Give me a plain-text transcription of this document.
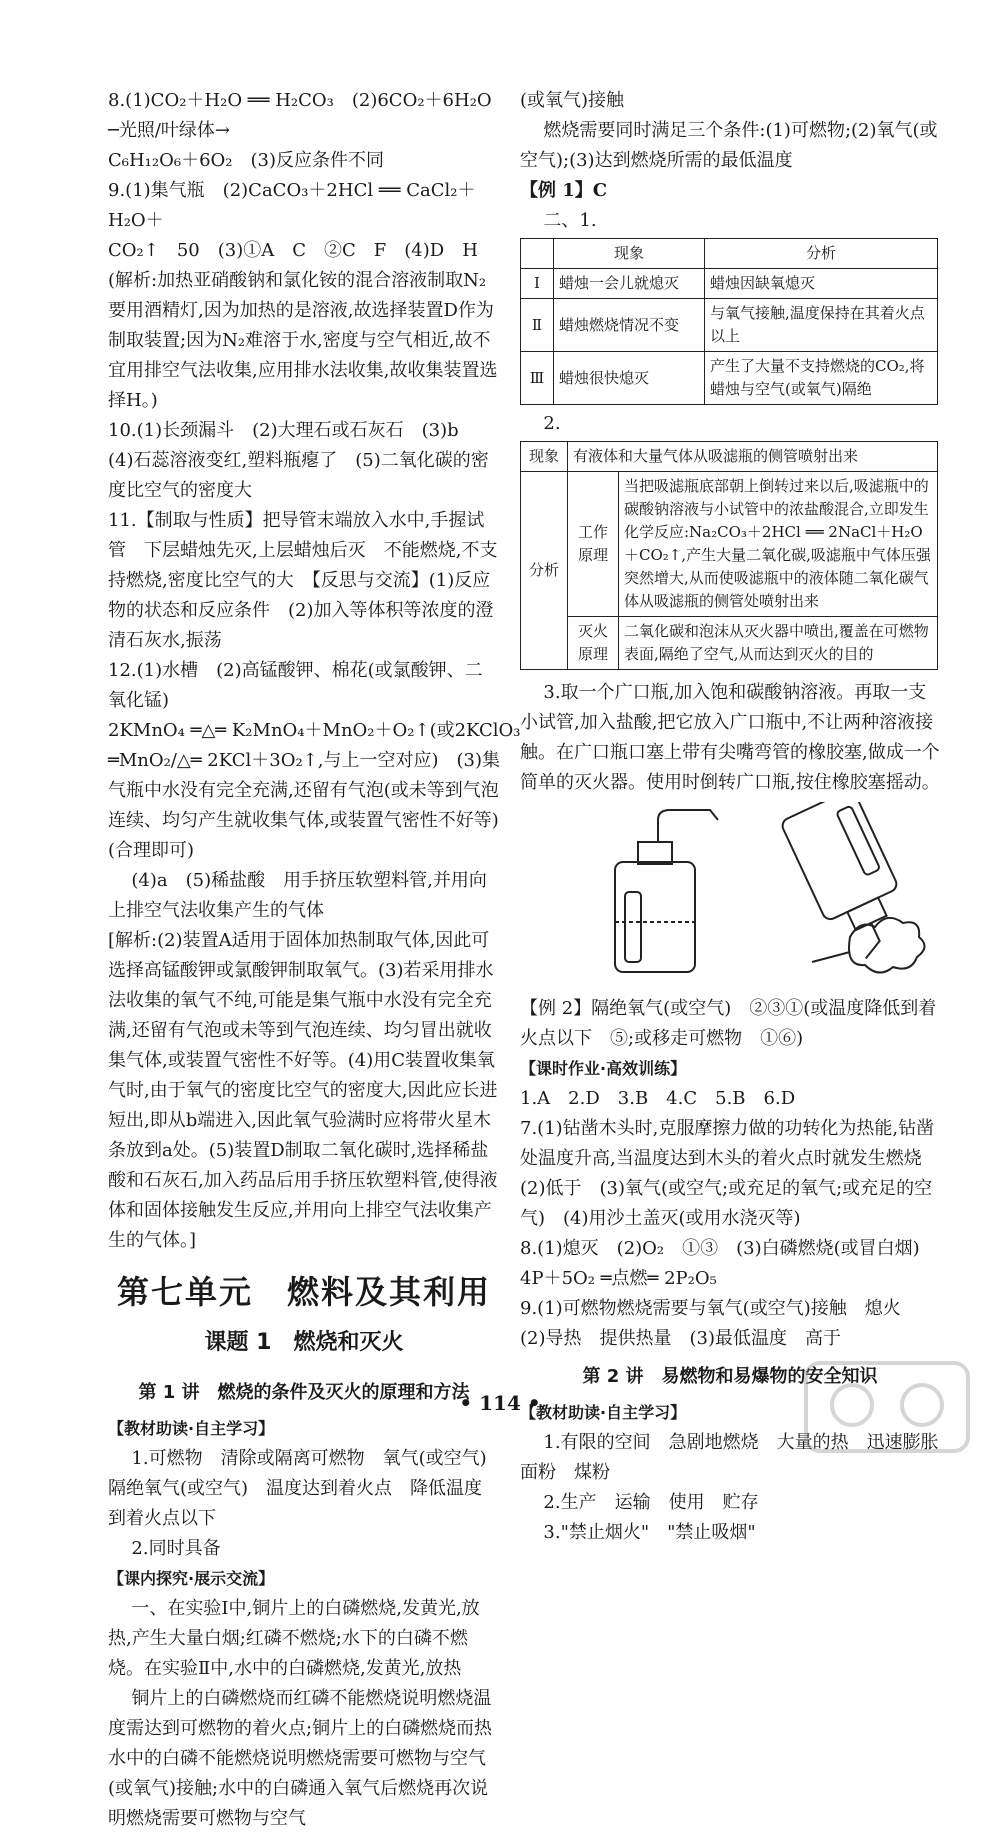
8.(1)CO₂＋H₂O ══ H₂CO₃　(2)6CO₂＋6H₂O ─光照/叶绿体→

C₆H₁₂O₆＋6O₂　(3)反应条件不同

9.(1)集气瓶　(2)CaCO₃＋2HCl ══ CaCl₂＋H₂O＋

CO₂↑　50　(3)①A　C　②C　F　(4)D　H

(解析:加热亚硝酸钠和氯化铵的混合溶液制取N₂要用酒精灯,因为加热的是溶液,故选择装置D作为制取装置;因为N₂难溶于水,密度与空气相近,故不宜用排空气法收集,应用排水法收集,故收集装置选择H。)

10.(1)长颈漏斗　(2)大理石或石灰石　(3)b　(4)石蕊溶液变红,塑料瓶瘪了　(5)二氧化碳的密度比空气的密度大

11.【制取与性质】把导管末端放入水中,手握试管　下层蜡烛先灭,上层蜡烛后灭　不能燃烧,不支持燃烧,密度比空气的大　【反思与交流】(1)反应物的状态和反应条件　(2)加入等体积等浓度的澄清石灰水,振荡

12.(1)水槽　(2)高锰酸钾、棉花(或氯酸钾、二氧化锰)

2KMnO₄ ═△═ K₂MnO₄＋MnO₂＋O₂↑(或2KClO₃

═MnO₂/△═ 2KCl＋3O₂↑,与上一空对应)　(3)集气瓶中水没有完全充满,还留有气泡(或未等到气泡连续、均匀产生就收集气体,或装置气密性不好等)(合理即可)

(4)a　(5)稀盐酸　用手挤压软塑料管,并用向上排空气法收集产生的气体

[解析:(2)装置A适用于固体加热制取气体,因此可选择高锰酸钾或氯酸钾制取氧气。(3)若采用排水法收集的氧气不纯,可能是集气瓶中水没有完全充满,还留有气泡或未等到气泡连续、均匀冒出就收集气体,或装置气密性不好等。(4)用C装置收集氧气时,由于氧气的密度比空气的密度大,因此应长进短出,即从b端进入,因此氧气验满时应将带火星木条放到a处。(5)装置D制取二氧化碳时,选择稀盐酸和石灰石,加入药品后用手挤压软塑料管,使得液体和固体接触发生反应,并用向上排空气法收集产生的气体。]

第七单元　燃料及其利用
课题 1　燃烧和灭火
第 1 讲　燃烧的条件及灭火的原理和方法

【教材助读·自主学习】

1.可燃物　清除或隔离可燃物　氧气(或空气)　隔绝氧气(或空气)　温度达到着火点　降低温度到着火点以下

2.同时具备

【课内探究·展示交流】

一、在实验Ⅰ中,铜片上的白磷燃烧,发黄光,放热,产生大量白烟;红磷不燃烧;水下的白磷不燃烧。在实验Ⅱ中,水中的白磷燃烧,发黄光,放热

铜片上的白磷燃烧而红磷不能燃烧说明燃烧温度需达到可燃物的着火点;铜片上的白磷燃烧而热水中的白磷不能燃烧说明燃烧需要可燃物与空气(或氧气)接触;水中的白磷通入氧气后燃烧再次说明燃烧需要可燃物与空气

(或氧气)接触

燃烧需要同时满足三个条件:(1)可燃物;(2)氧气(或空气);(3)达到燃烧所需的最低温度

【例 1】C

二、1.

	现象	分析
Ⅰ	蜡烛一会儿就熄灭	蜡烛因缺氧熄灭
Ⅱ	蜡烛燃烧情况不变	与氧气接触,温度保持在其着火点以上
Ⅲ	蜡烛很快熄灭	产生了大量不支持燃烧的CO₂,将蜡烛与空气(或氧气)隔绝

2.

现象	有液体和大量气体从吸滤瓶的侧管喷射出来	
分析	工作原理	当把吸滤瓶底部朝上倒转过来以后,吸滤瓶中的碳酸钠溶液与小试管中的浓盐酸混合,立即发生化学反应:Na₂CO₃＋2HCl ══ 2NaCl＋H₂O＋CO₂↑,产生大量二氧化碳,吸滤瓶中气体压强突然增大,从而使吸滤瓶中的液体随二氧化碳气体从吸滤瓶的侧管处喷射出来
	灭火原理	二氧化碳和泡沫从灭火器中喷出,覆盖在可燃物表面,隔绝了空气,从而达到灭火的目的

3.取一个广口瓶,加入饱和碳酸钠溶液。再取一支小试管,加入盐酸,把它放入广口瓶中,不让两种溶液接触。在广口瓶口塞上带有尖嘴弯管的橡胶塞,做成一个简单的灭火器。使用时倒转广口瓶,按住橡胶塞摇动。

【例 2】隔绝氧气(或空气)　②③①(或温度降低到着火点以下　⑤;或移走可燃物　①⑥)

【课时作业·高效训练】

1.A　2.D　3.B　4.C　5.B　6.D

7.(1)钻凿木头时,克服摩擦力做的功转化为热能,钻凿处温度升高,当温度达到木头的着火点时就发生燃烧

(2)低于　(3)氧气(或空气;或充足的氧气;或充足的空气)　(4)用沙土盖灭(或用水浇灭等)

8.(1)熄灭　(2)O₂　①③　(3)白磷燃烧(或冒白烟)

4P＋5O₂ ═点燃═ 2P₂O₅

9.(1)可燃物燃烧需要与氧气(或空气)接触　熄火

(2)导热　提供热量　(3)最低温度　高于

第 2 讲　易燃物和易爆物的安全知识

【教材助读·自主学习】

1.有限的空间　急剧地燃烧　大量的热　迅速膨胀　面粉　煤粉

2.生产　运输　使用　贮存

3."禁止烟火"　"禁止吸烟"

• 114 •
